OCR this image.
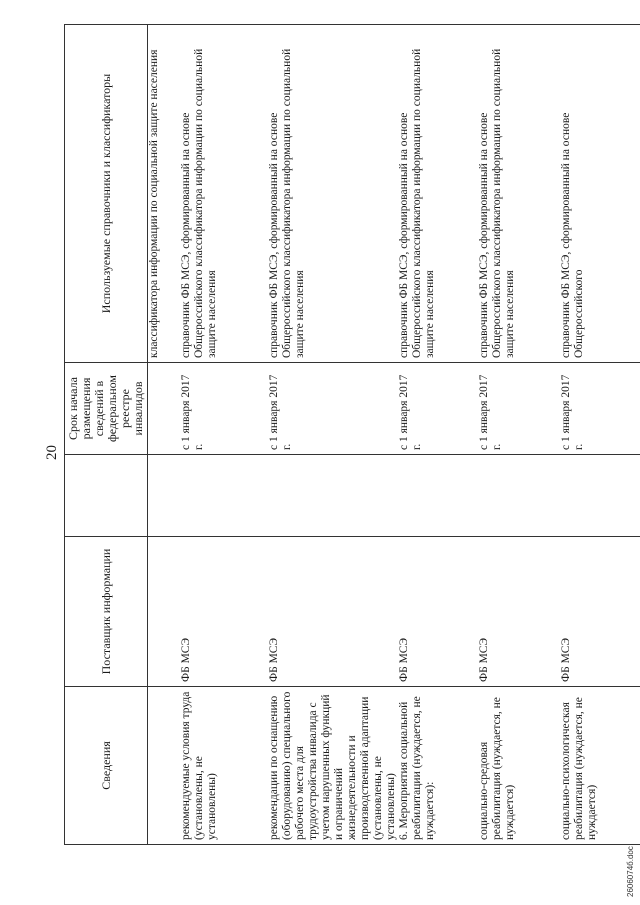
20
Сведения	Поставщик информации		Срок начала размещения сведений в федеральном реестре инвалидов	Используемые справочники и классификаторы

				классификатора информации по социальной защите населения

рекомендуемые условия труда (установлены, не установлены)	ФБ МСЭ		с 1 января 2017 г.	справочник ФБ МСЭ, сформированный на основе Общероссийского классификатора информации по социальной защите населения

рекомендации по оснащению (оборудованию) специального рабочего места для трудоустройства инвалида с учетом нарушенных функций и ограничений жизнедеятельности и производственной адаптации (установлены, не установлены)	ФБ МСЭ		с 1 января 2017 г.	справочник ФБ МСЭ, сформированный на основе Общероссийского классификатора информации по социальной защите населения

6. Мероприятия социальной реабилитации (нуждается, не нуждается):	ФБ МСЭ		с 1 января 2017 г.	справочник ФБ МСЭ, сформированный на основе Общероссийского классификатора информации по социальной защите населения

социально-средовая реабилитация (нуждается, не нуждается)	ФБ МСЭ		с 1 января 2017 г.	справочник ФБ МСЭ, сформированный на основе Общероссийского классификатора информации по социальной защите населения

социально-психологическая реабилитация (нуждается, не нуждается)	ФБ МСЭ		с 1 января 2017 г.	справочник ФБ МСЭ, сформированный на основе Общероссийского
2606074б.doc
